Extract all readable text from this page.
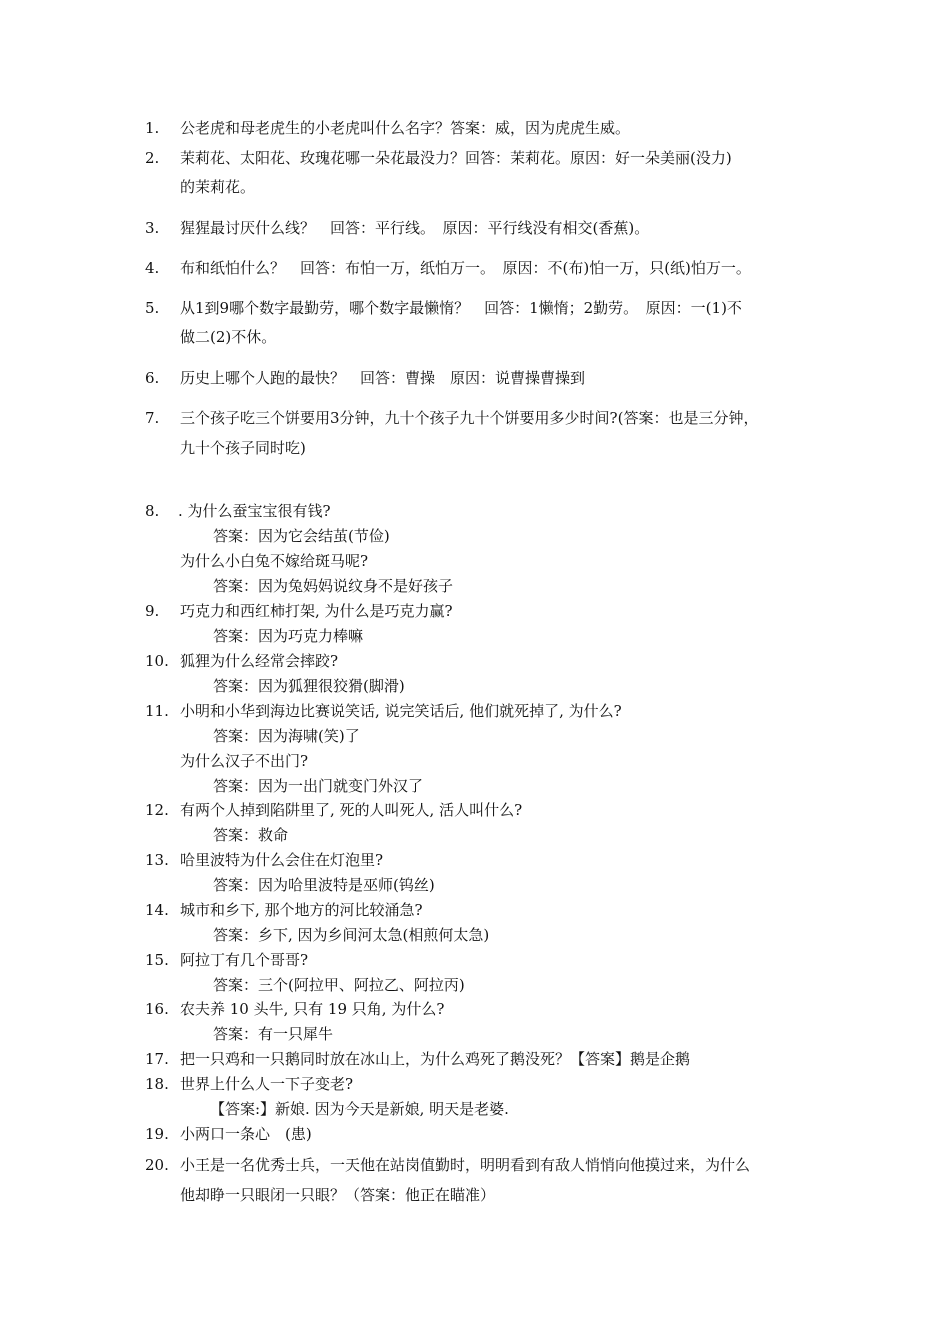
1. 公老虎和母老虎生的小老虎叫什么名字？答案：威，因为虎虎生威。
2. 茉莉花、太阳花、玫瑰花哪一朵花最没力？回答：茉莉花。原因：好一朵美丽(没力)
的茉莉花。
3. 猩猩最讨厌什么线？　回答：平行线。　原因：平行线没有相交(香蕉)。
4. 布和纸怕什么？　回答：布怕一万，纸怕万一。　原因：不(布)怕一万，只(纸)怕万一。
5. 从1到9哪个数字最勤劳，哪个数字最懒惰？　回答：1懒惰；2勤劳。　原因：一(1)不
做二(2)不休。
6. 历史上哪个人跑的最快？　回答：曹操　原因：说曹操曹操到
7. 三个孩子吃三个饼要用3分钟，九十个孩子九十个饼要用多少时间?(答案：也是三分钟，
九十个孩子同时吃)
8. . 为什么蚕宝宝很有钱?
答案：因为它会结茧(节俭)
为什么小白兔不嫁给斑马呢?
答案：因为兔妈妈说纹身不是好孩子
9. 巧克力和西红柿打架, 为什么是巧克力赢?
答案：因为巧克力棒嘛
10. 狐狸为什么经常会摔跤?
答案：因为狐狸很狡猾(脚滑)
11. 小明和小华到海边比赛说笑话, 说完笑话后, 他们就死掉了, 为什么?
答案：因为海啸(笑)了
为什么汉子不出门?
答案：因为一出门就变门外汉了
12. 有两个人掉到陷阱里了, 死的人叫死人, 活人叫什么?
答案：救命
13. 哈里波特为什么会住在灯泡里?
答案：因为哈里波特是巫师(钨丝)
14. 城市和乡下, 那个地方的河比较涌急?
答案：乡下, 因为乡间河太急(相煎何太急)
15. 阿拉丁有几个哥哥?
答案：三个(阿拉甲、阿拉乙、阿拉丙)
16. 农夫养 10 头牛, 只有 19 只角, 为什么?
答案：有一只犀牛
17. 把一只鸡和一只鹅同时放在冰山上，为什么鸡死了鹅没死？【答案】鹅是企鹅
18. 世界上什么人一下子变老?
【答案:】新娘. 因为今天是新娘, 明天是老婆.
19. 小两口一条心　(患)
20. 小王是一名优秀士兵，一天他在站岗值勤时，明明看到有敌人悄悄向他摸过来，为什么
他却睁一只眼闭一只眼？（答案：他正在瞄准）
